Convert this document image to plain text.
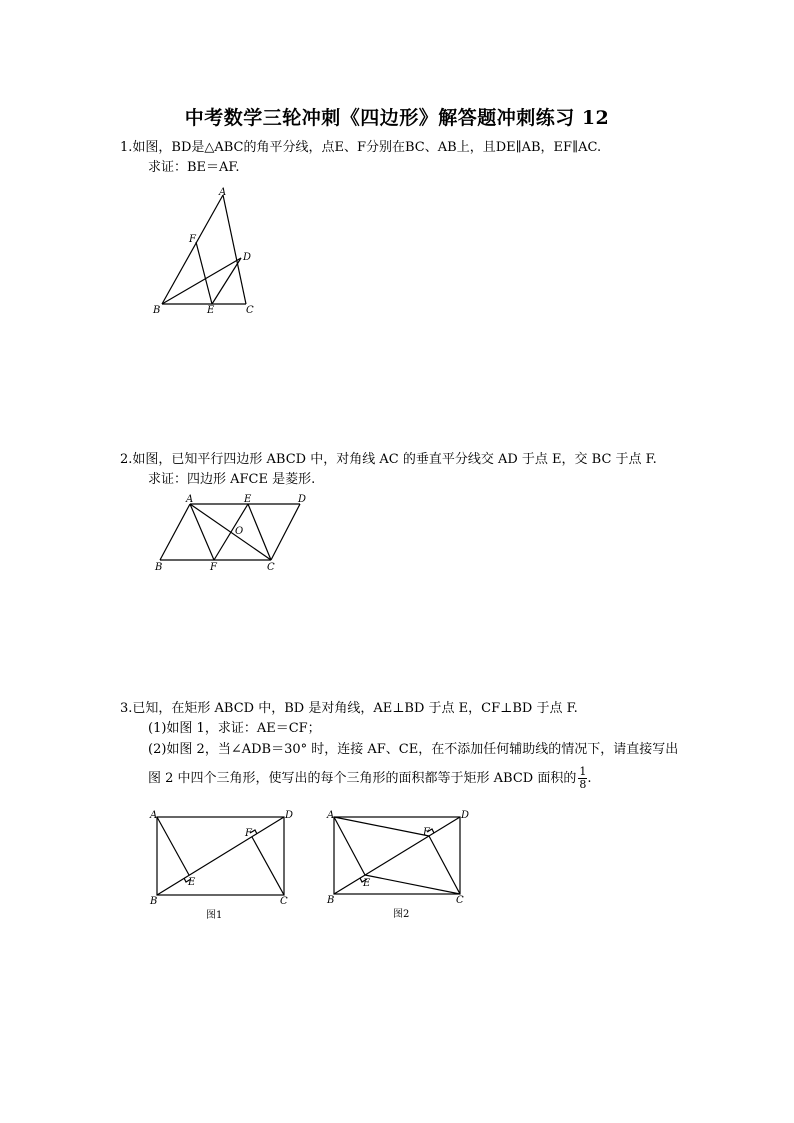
中考数学三轮冲刺《四边形》解答题冲刺练习 12
1.如图，BD是△ABC的角平分线，点E、F分别在BC、AB上，且DE∥AB，EF∥AC.
求证：BE＝AF.
A
F
D
B	E	C
2.如图，已知平行四边形 ABCD 中，对角线 AC 的垂直平分线交 AD 于点 E，交 BC 于点 F.
求证：四边形 AFCE 是菱形.
A	E	D
O
B	F	C
3.已知，在矩形 ABCD 中，BD 是对角线，AE⊥BD 于点 E，CF⊥BD 于点 F.
(1)如图 1，求证：AE＝CF；
(2)如图 2，当∠ADB＝30° 时，连接 AF、CE，在不添加任何辅助线的情况下，请直接写出
图 2 中四个三角形，使写出的每个三角形的面积都等于矩形 ABCD 面积的 $\frac{1}{8}$ .
A	D
F
E
B	C
图1
A	D
F
E
B	C
图2
